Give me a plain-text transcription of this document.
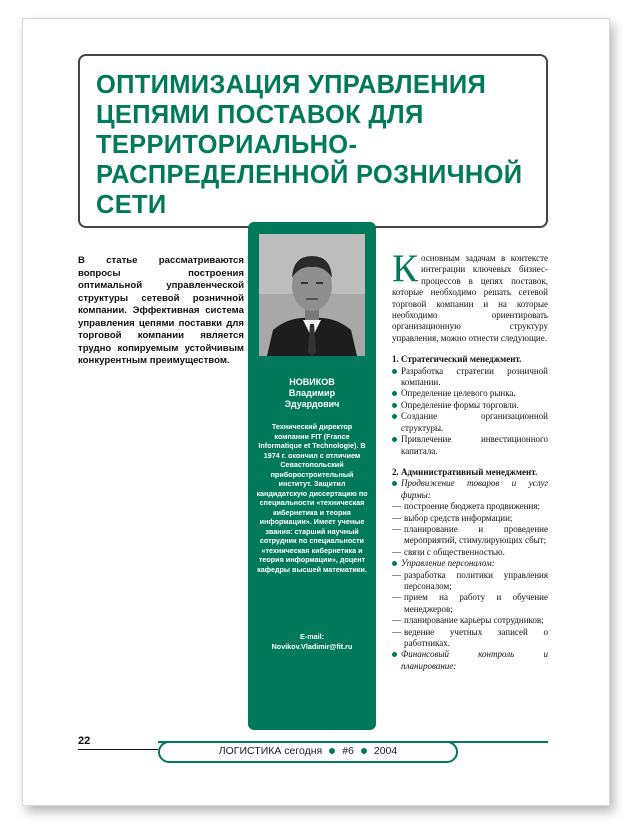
ОПТИМИЗАЦИЯ УПРАВЛЕНИЯ ЦЕПЯМИ ПОСТАВОК ДЛЯ ТЕРРИТОРИАЛЬНО-РАСПРЕДЕЛЕННОЙ РОЗНИЧНОЙ СЕТИ

В статье рассматриваются вопросы построения оптимальной управленческой структуры сетевой розничной компании. Эффективная система управления цепями поставки для торговой компании является трудно копируемым устойчивым конкурентным преимуществом.

НОВИКОВ
Владимир
Эдуардович

Технический директор компании FIT (France Informatique et Technologie). В 1974 г. окончил с отличием Севастопольский приборостроительный институт. Защитил кандидатскую диссертацию по специальности «техническая кибернетика и теория информации». Имеет ученые звания: старший научный сотрудник по специальности «техническая кибернетика и теория информации», доцент кафедры высшей математики.

E-mail:
Novikov.Vladimir@fit.ru

Косновным задачам в контексте интеграции ключевых бизнес-процессов в цепях поставок, которые необходимо решать сетевой торговой компании и на которые необходимо ориентировать организационную структуру управления, можно отнести следующие.

1. Стратегический менеджмент.

Разработка стратегии розничной компании.
Определение целевого рынка.
Определение формы торговли.
Создание организационной структуры.
Привлечение инвестиционного капитала.

2. Административный менеджмент.

Продвижение товаров и услуг фирмы:
— построение бюджета продвижения;
— выбор средств информации;
— планирование и проведение мероприятий, стимулирующих сбыт;
— связи с общественностью.
Управление персоналом:
— разработка политики управления персоналом;
— прием на работу и обучение менеджеров;
— планирование карьеры сотрудников;
— ведение учетных записей о работниках.
Финансовый контроль и планирование:
22
ЛОГИСТИКА сегодня #6 2004
